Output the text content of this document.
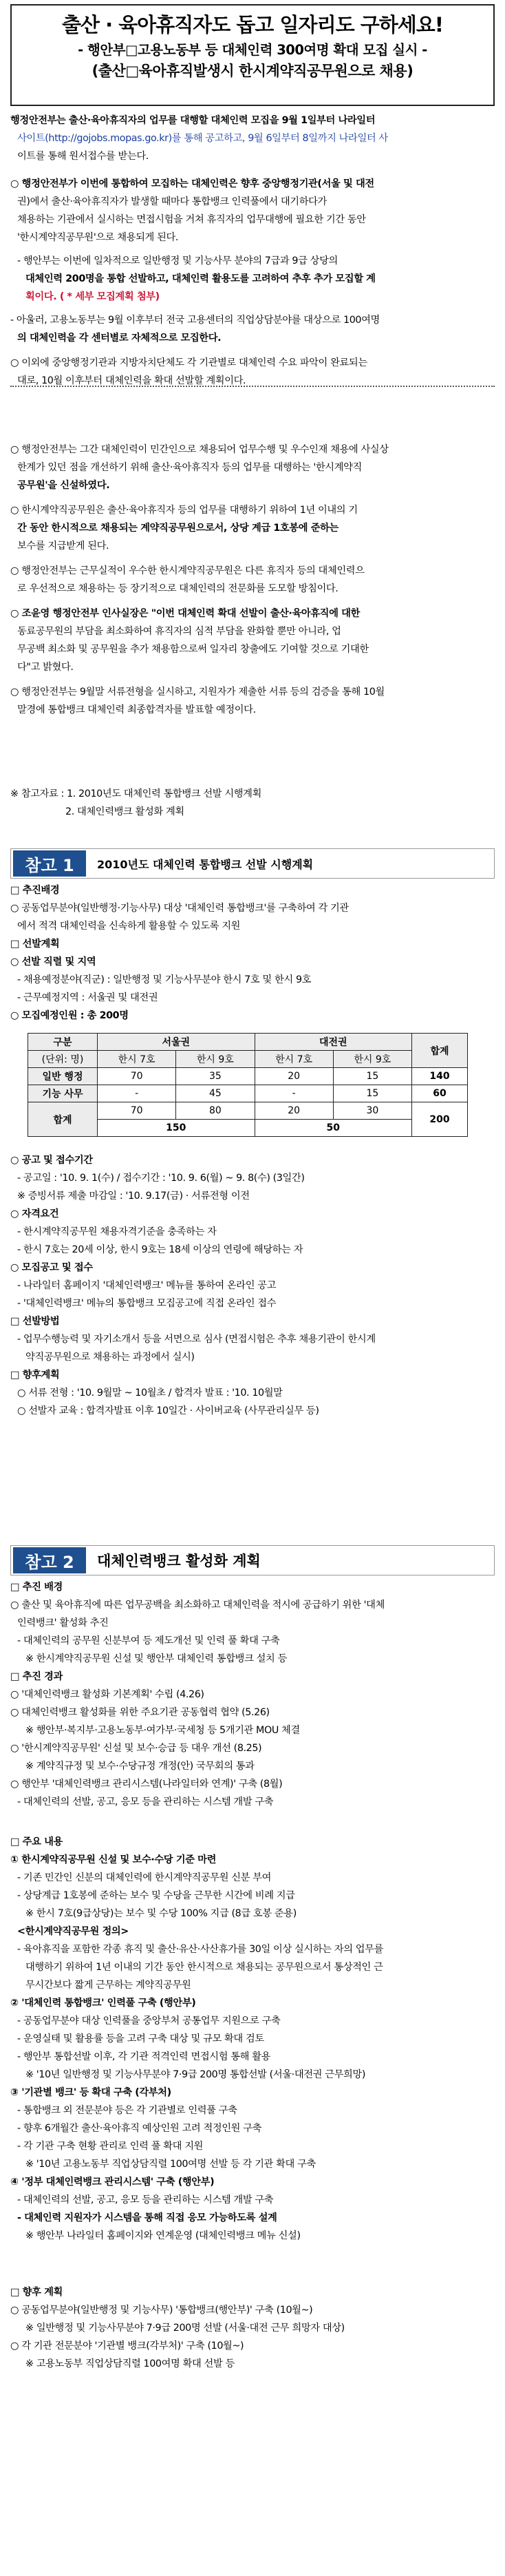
출산 · 육아휴직자도 돕고 일자리도 구하세요!
- 행안부□고용노동부 등 대체인력 300여명 확대 모집 실시 -
(출산□육아휴직발생시 한시계약직공무원으로 채용)

행정안전부는 출산·육아휴직자의 업무를 대행할 대체인력 모집을 9월 1일부터 나라일터

사이트(http://gojobs.mopas.go.kr)를 통해 공고하고, 9월 6일부터 8일까지 나라일터 사

이트를 통해 원서접수를 받는다.

○ 행정안전부가 이번에 통합하여 모집하는 대체인력은 향후 중앙행정기관(서울 및 대전

권)에서 출산·육아휴직자가 발생할 때마다 통합뱅크 인력풀에서 대기하다가

채용하는 기관에서 실시하는 면접시험을 거쳐 휴직자의 업무대행에 필요한 기간 동안

'한시계약직공무원'으로 채용되게 된다.

- 행안부는 이번에 일차적으로 일반행정 및 기능사무 분야의 7급과 9급 상당의

대체인력 200명을 통합 선발하고, 대체인력 활용도를 고려하여 추후 추가 모집할 계

획이다. ( * 세부 모집계획 첨부)

- 아울러, 고용노동부는 9월 이후부터 전국 고용센터의 직업상담분야를 대상으로 100여명

의 대체인력을 각 센터별로 자체적으로 모집한다.

○ 이외에 중앙행정기관과 지방자치단체도 각 기관별로 대체인력 수요 파악이 완료되는

대로, 10월 이후부터 대체인력을 확대 선발할 계획이다.

○ 행정안전부는 그간 대체인력이 민간인으로 채용되어 업무수행 및 우수인재 채용에 사실상

한계가 있던 점을 개선하기 위해 출산·육아휴직자 등의 업무를 대행하는 '한시계약직

공무원'을 신설하였다.

○ 한시계약직공무원은 출산·육아휴직자 등의 업무를 대행하기 위하여 1년 이내의 기

간 동안 한시적으로 채용되는 계약직공무원으로서, 상당 계급 1호봉에 준하는

보수를 지급받게 된다.

○ 행정안전부는 근무실적이 우수한 한시계약직공무원은 다른 휴직자 등의 대체인력으

로 우선적으로 채용하는 등 장기적으로 대체인력의 전문화를 도모할 방침이다.

○ 조윤영 행정안전부 인사실장은 "이번 대체인력 확대 선발이 출산·육아휴직에 대한

동료공무원의 부담을 최소화하여 휴직자의 심적 부담을 완화할 뿐만 아니라, 업

무공백 최소화 및 공무원을 추가 채용함으로써 일자리 창출에도 기여할 것으로 기대한

다"고 밝혔다.

○ 행정안전부는 9월말 서류전형을 실시하고, 지원자가 제출한 서류 등의 검증을 통해 10월

말경에 통합뱅크 대체인력 최종합격자를 발표할 예정이다.

※ 참고자료 : 1. 2010년도 대체인력 통합뱅크 선발 시행계획

2. 대체인력뱅크 활성화 계획

참고 1	2010년도 대체인력 통합뱅크 선발 시행계획

□ 추진배경

○ 공동업무분야(일반행정·기능사무) 대상 '대체인력 통합뱅크'를 구축하여 각 기관

에서 적격 대체인력을 신속하게 활용할 수 있도록 지원

□ 선발계획

○ 선발 직렬 및 지역

- 채용예정분야(직군) : 일반행정 및 기능사무분야 한시 7호 및 한시 9호

- 근무예정지역 : 서울권 및 대전권

○ 모집예정인원 : 총 200명

구분	서울권		대전권		합계
(단위: 명)	한시 7호	한시 9호	한시 7호	한시 9호	
일반 행정	70	35	20	15	140
기능 사무	-	45	-	15	60
합계	70	80	20	30	200
	150		50		

○ 공고 및 접수기간

- 공고일 : '10. 9. 1(수) / 접수기간 : '10. 9. 6(월) ~ 9. 8(수) (3일간)

※ 증빙서류 제출 마감일 : '10. 9.17(금) · 서류전형 이전

○ 자격요건

- 한시계약직공무원 채용자격기준을 충족하는 자

- 한시 7호는 20세 이상, 한시 9호는 18세 이상의 연령에 해당하는 자

○ 모집공고 및 접수

- 나라일터 홈페이지 '대체인력뱅크' 메뉴를 통하여 온라인 공고

- '대체인력뱅크' 메뉴의 통합뱅크 모집공고에 직접 온라인 접수

□ 선발방법

- 업무수행능력 및 자기소개서 등을 서면으로 심사 (면접시험은 추후 채용기관이 한시계

약직공무원으로 채용하는 과정에서 실시)

□ 향후계획

○ 서류 전형 : '10. 9월말 ~ 10월초 / 합격자 발표 : '10. 10월말

○ 선발자 교육 : 합격자발표 이후 10일간 · 사이버교육 (사무관리실무 등)

참고 2	대체인력뱅크 활성화 계획

□ 추진 배경

○ 출산 및 육아휴직에 따른 업무공백을 최소화하고 대체인력을 적시에 공급하기 위한 '대체

인력뱅크' 활성화 추진

- 대체인력의 공무원 신분부여 등 제도개선 및 인력 풀 확대 구축

※ 한시계약직공무원 신설 및 행안부 대체인력 통합뱅크 설치 등

□ 추진 경과

○ '대체인력뱅크 활성화 기본계획' 수립 (4.26)

○ 대체인력뱅크 활성화를 위한 주요기관 공동협력 협약 (5.26)

※ 행안부·복지부·고용노동부·여가부·국세청 등 5개기관 MOU 체결

○ '한시계약직공무원' 신설 및 보수·승급 등 대우 개선 (8.25)

※ 계약직규정 및 보수·수당규정 개정(안) 국무회의 통과

○ 행안부 '대체인력뱅크 관리시스템(나라일터와 연계)' 구축 (8월)

- 대체인력의 선발, 공고, 응모 등을 관리하는 시스템 개발 구축

□ 주요 내용

① 한시계약직공무원 신설 및 보수·수당 기준 마련

- 기존 민간인 신분의 대체인력에 한시계약직공무원 신분 부여

- 상당계급 1호봉에 준하는 보수 및 수당을 근무한 시간에 비례 지급

※ 한시 7호(9급상당)는 보수 및 수당 100% 지급 (8급 호봉 준용)

<한시계약직공무원 정의>

- 육아휴직을 포함한 각종 휴직 및 출산·유산·사산휴가를 30일 이상 실시하는 자의 업무를

대행하기 위하여 1년 이내의 기간 동안 한시적으로 채용되는 공무원으로서 통상적인 근

무시간보다 짧게 근무하는 계약직공무원

② '대체인력 통합뱅크' 인력풀 구축 (행안부)

- 공동업무분야 대상 인력풀을 중앙부처 공통업무 지원으로 구축

- 운영실태 및 활용률 등을 고려 구축 대상 및 규모 확대 검토

- 행안부 통합선발 이후, 각 기관 적격인력 면접시험 통해 활용

※ '10년 일반행정 및 기능사무분야 7·9급 200명 통합선발 (서울·대전권 근무희망)

③ '기관별 뱅크' 등 확대 구축 (각부처)

- 통합뱅크 외 전문분야 등은 각 기관별로 인력풀 구축

- 향후 6개월간 출산·육아휴직 예상인원 고려 적정인원 구축

- 각 기관 구축 현황 관리로 인력 풀 확대 지원

※ '10년 고용노동부 직업상담직렬 100여명 선발 등 각 기관 확대 구축

④ '정부 대체인력뱅크 관리시스템' 구축 (행안부)

- 대체인력의 선발, 공고, 응모 등을 관리하는 시스템 개발 구축

- 대체인력 지원자가 시스템을 통해 직접 응모 가능하도록 설계

※ 행안부 나라일터 홈페이지와 연계운영 (대체인력뱅크 메뉴 신설)

□ 향후 계획

○ 공동업무분야(일반행정 및 기능사무) '통합뱅크(행안부)' 구축 (10월~)

※ 일반행정 및 기능사무분야 7·9급 200명 선발 (서울·대전 근무 희망자 대상)

○ 각 기관 전문분야 '기관별 뱅크(각부처)' 구축 (10월~)

※ 고용노동부 직업상담직렬 100여명 확대 선발 등
